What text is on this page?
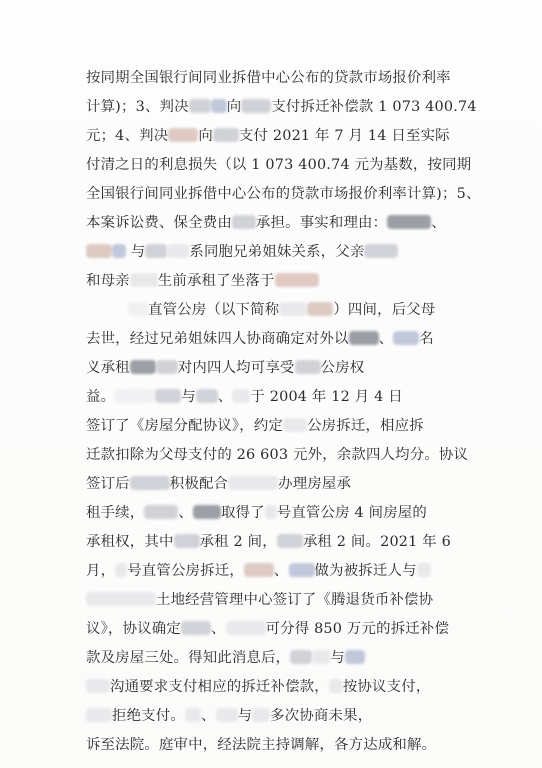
按同期全国银行间同业拆借中心公布的贷款市场报价利率
计算)；3、判决	向 支付拆迁补偿款 1 073 400.74
元；4、判决 向 支付 2021 年 7 月 14 日至实际
付清之日的利息损失（以 1 073 400.74 元为基数，按同期
全国银行间同业拆借中心公布的贷款市场报价利率计算)；5、
本案诉讼费、保全费由 承担。事实和理由：	、
与	系同胞兄弟姐妹关系，父亲
和母亲 生前承租了坐落于
直管公房（以下简称	）四间，后父母
去世，经过兄弟姐妹四人协商确定对外以 、 名
义承租	对内四人均可享受 公房权
益。	与 、 于 2004 年 12 月 4 日
签订了《房屋分配协议》，约定 公房拆迁，相应拆
迁款扣除为父母支付的 26 603 元外，余款四人均分。协议
签订后	积极配合	办理房屋承
租手续， 、 取得了 号直管公房 4 间房屋的
承租权，其中 承租 2 间， 承租 2 间。2021 年 6
月， 号直管公房拆迁， 、 做为被拆迁人与
土地经营管理中心签订了《腾退货币补偿协
议》，协议确定 、	可分得 850 万元的拆迁补偿
款及房屋三处。得知此消息后，	与
沟通要求支付相应的拆迁补偿款， 按协议支付，
拒绝支付。 、 与 多次协商未果，
诉至法院。庭审中，经法院主持调解，各方达成和解。
